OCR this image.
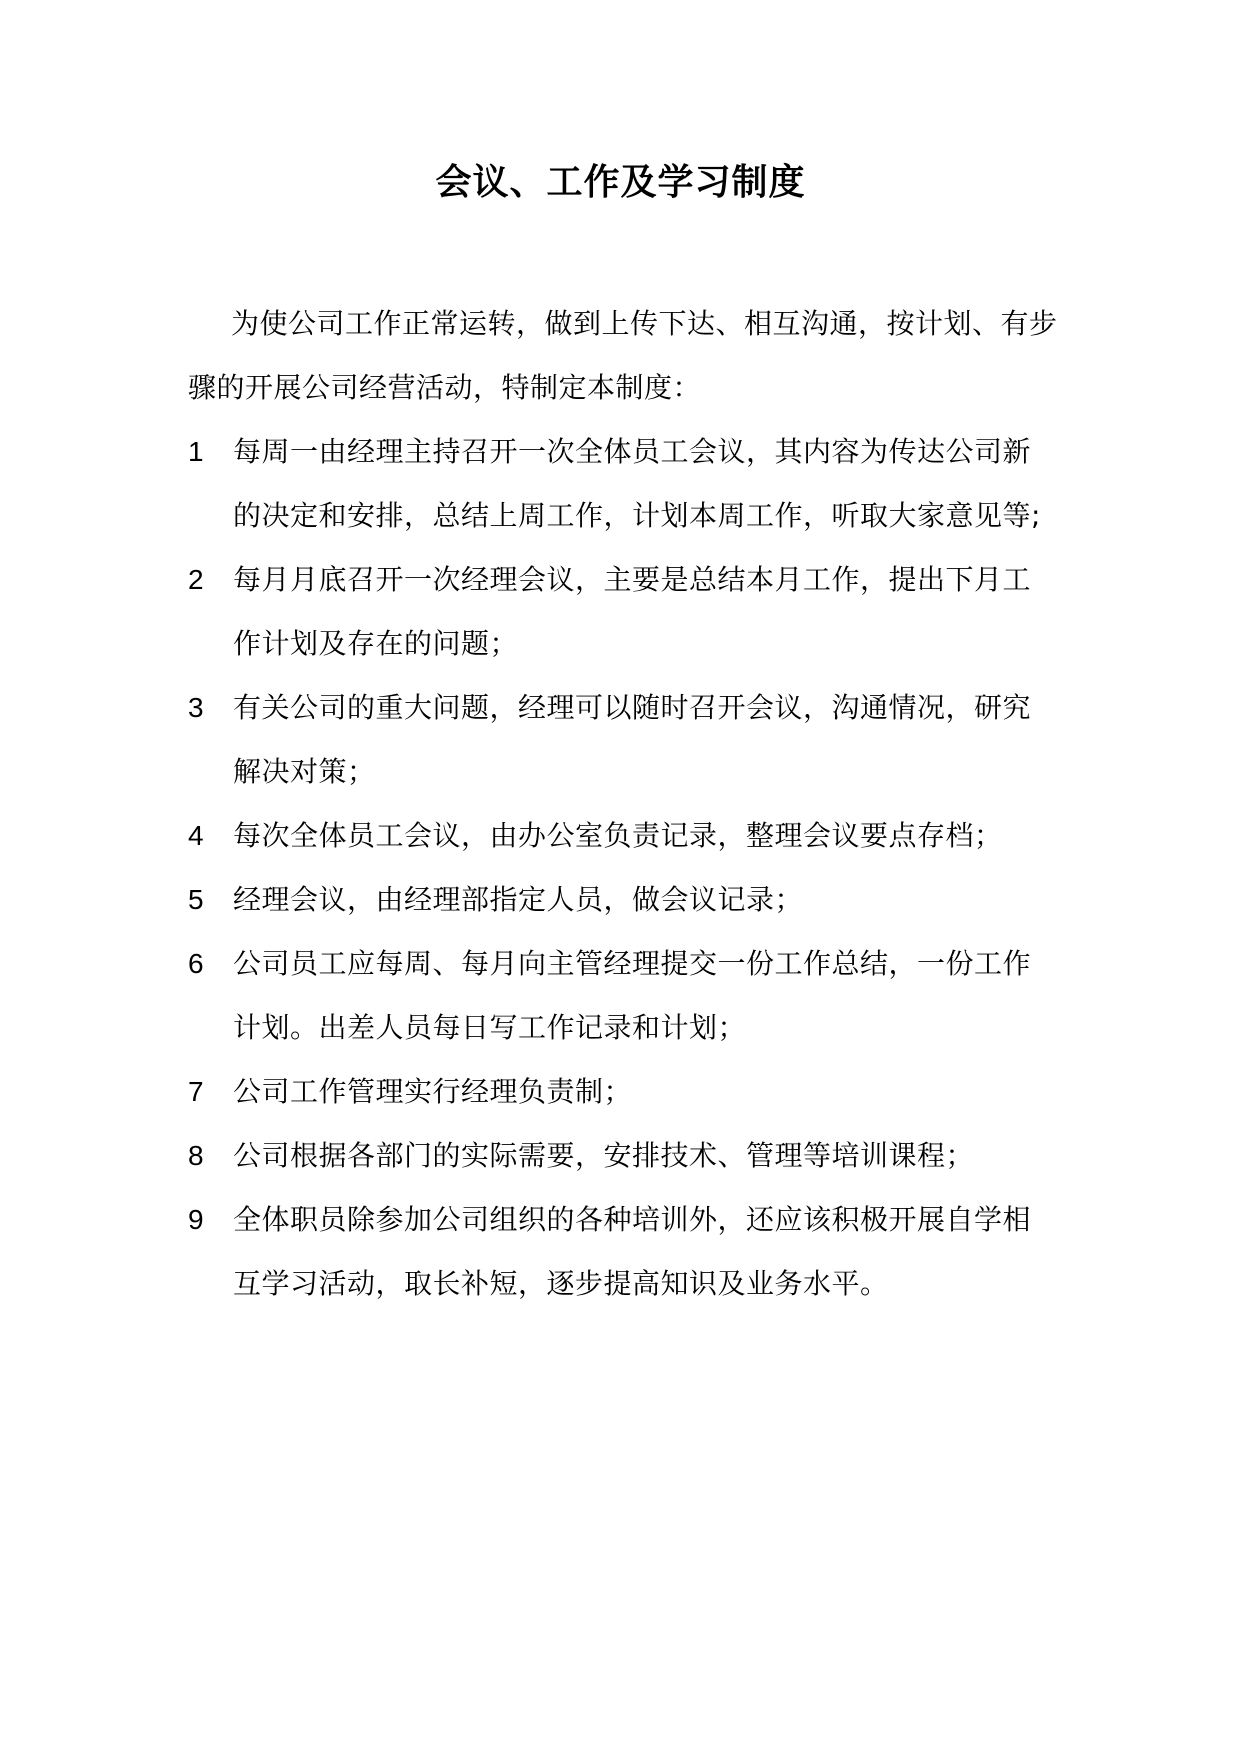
会议、工作及学习制度
为使公司工作正常运转，做到上传下达、相互沟通，按计划、有步骤的开展公司经营活动，特制定本制度：
1	每周一由经理主持召开一次全体员工会议，其内容为传达公司新的决定和安排，总结上周工作，计划本周工作，听取大家意见等;
2	每月月底召开一次经理会议，主要是总结本月工作，提出下月工作计划及存在的问题；
3	有关公司的重大问题，经理可以随时召开会议，沟通情况，研究解决对策；
4	每次全体员工会议，由办公室负责记录，整理会议要点存档；
5	经理会议，由经理部指定人员，做会议记录；
6	公司员工应每周、每月向主管经理提交一份工作总结，一份工作计划。出差人员每日写工作记录和计划；
7	公司工作管理实行经理负责制；
8	公司根据各部门的实际需要，安排技术、管理等培训课程；
9	全体职员除参加公司组织的各种培训外，还应该积极开展自学相互学习活动，取长补短，逐步提高知识及业务水平。
